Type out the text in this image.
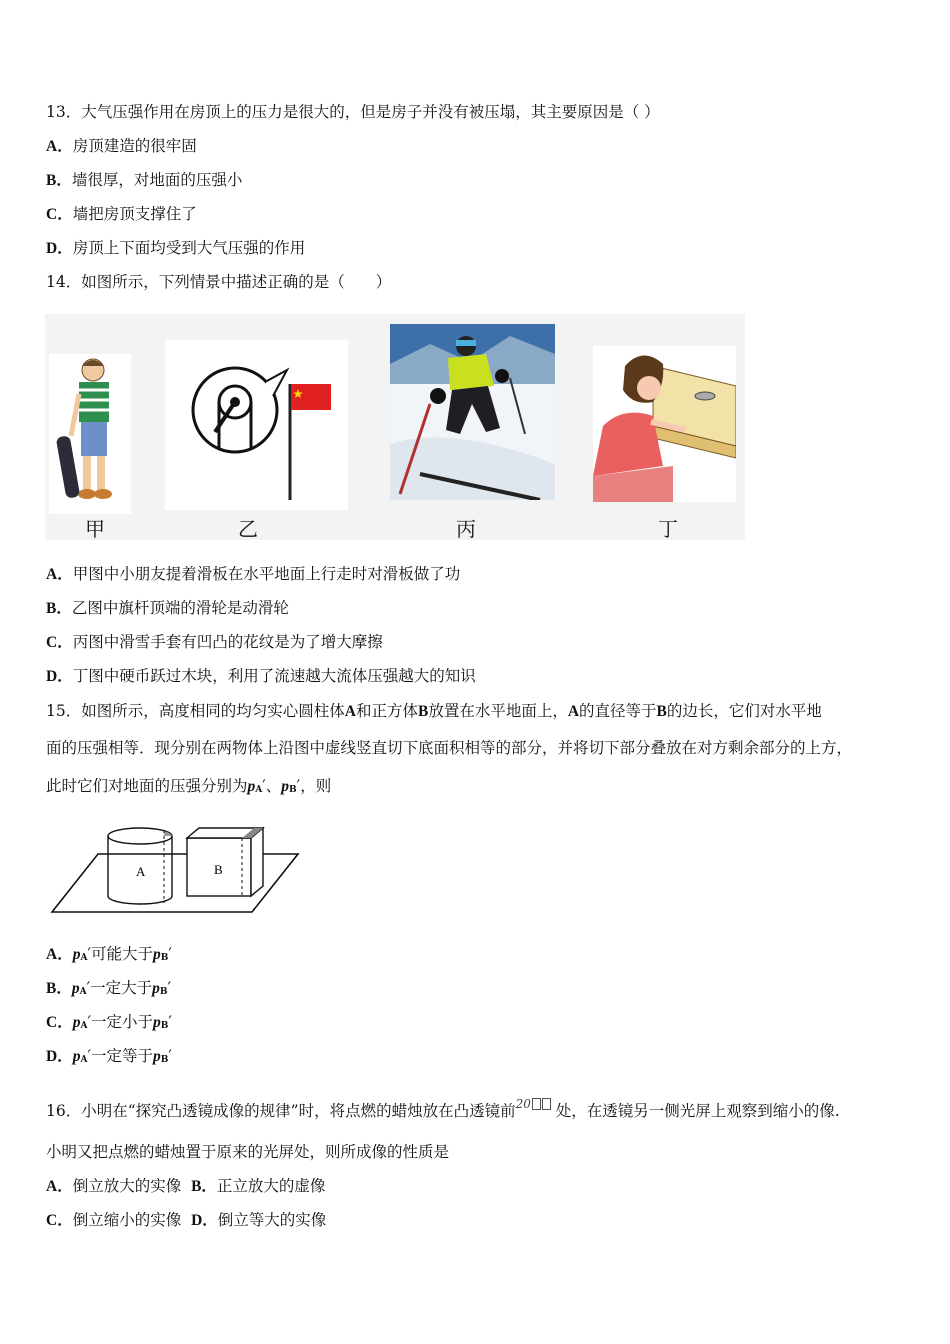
13．大气压强作用在房顶上的压力是很大的，但是房子并没有被压塌，其主要原因是（ ）
A．房顶建造的很牢固
B．墙很厚，对地面的压强小
C．墙把房顶支撑住了
D．房顶上下面均受到大气压强的作用
14．如图所示，下列情景中描述正确的是（　　）
甲	乙	丙	丁
A．甲图中小朋友提着滑板在水平地面上行走时对滑板做了功
B．乙图中旗杆顶端的滑轮是动滑轮
C．丙图中滑雪手套有凹凸的花纹是为了增大摩擦
D．丁图中硬币跃过木块，利用了流速越大流体压强越大的知识
15．如图所示，高度相同的均匀实心圆柱体A和正方体B放置在水平地面上，A的直径等于B的边长，它们对水平地
面的压强相等．现分别在两物体上沿图中虚线竖直切下底面积相等的部分，并将切下部分叠放在对方剩余部分的上方，
此时它们对地面的压强分别为pA′、pB′，则
A	B
A．pA′可能大于pB′
B．pA′一定大于pB′
C．pA′一定小于pB′
D．pA′一定等于pB′
16．小明在“探究凸透镜成像的规律”时，将点燃的蜡烛放在凸透镜前$^{20}$ 处，在透镜另一侧光屏上观察到缩小的像.
小明又把点燃的蜡烛置于原来的光屏处，则所成像的性质是
A．倒立放大的实像 B．正立放大的虚像
C．倒立缩小的实像 D．倒立等大的实像
